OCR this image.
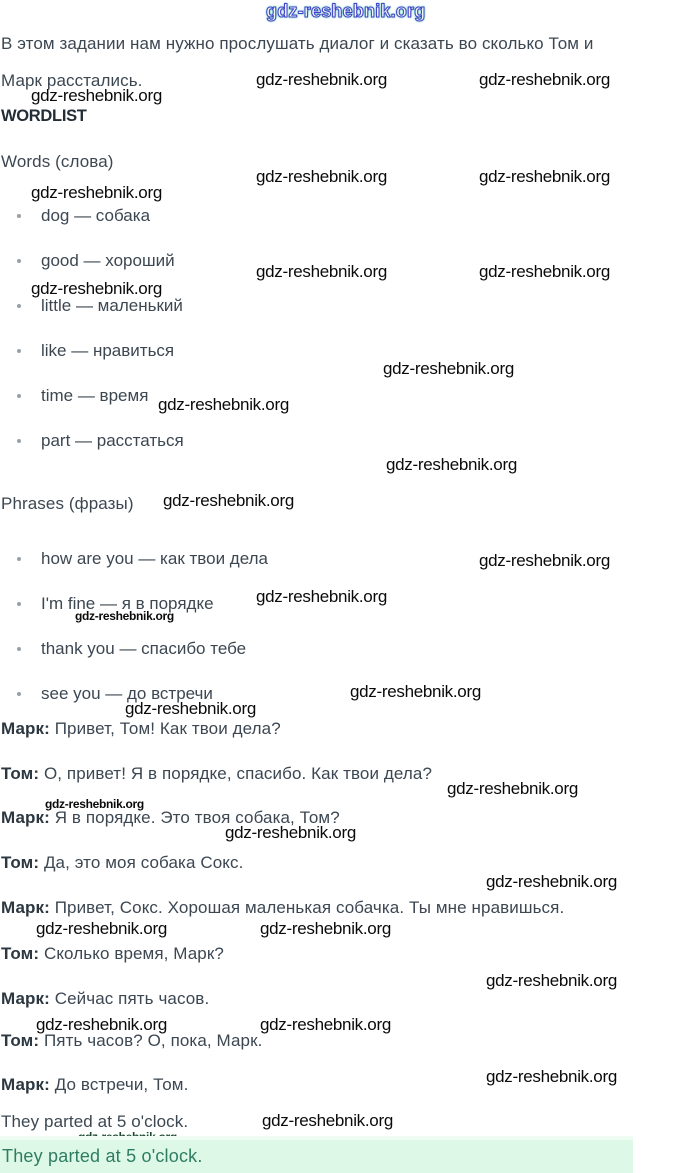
gdz-reshebnik.org
В этом задании нам нужно прослушать диалог и сказать во сколько Том и
Марк расстались.	gdz-reshebnik.org	gdz-reshebnik.org
gdz-reshebnik.org
WORDLIST
Words (слова)
gdz-reshebnik.org	gdz-reshebnik.org
gdz-reshebnik.org
dog — собака
good — хороший
gdz-reshebnik.org	gdz-reshebnik.org
gdz-reshebnik.org
little — маленький
like — нравиться
gdz-reshebnik.org
time — время gdz-reshebnik.org
part — расстаться
gdz-reshebnik.org
Phrases (фразы) gdz-reshebnik.org
how are you — как твои дела	gdz-reshebnik.org
I'm fine — я в порядке gdz-reshebnik.org
gdz-reshebnik.org
thank you — спасибо тебе
see you — до встречи	gdz-reshebnik.org
gdz-reshebnik.org
Марк: Привет, Том! Как твои дела?
Том: О, привет! Я в порядке, спасибо. Как твои дела?
gdz-reshebnik.org
gdz-reshebnik.org
Марк: Я в порядке. Это твоя собака, Том?
gdz-reshebnik.org
Том: Да, это моя собака Сокс.
gdz-reshebnik.org
Марк: Привет, Сокс. Хорошая маленькая собачка. Ты мне нравишься.
gdz-reshebnik.org	gdz-reshebnik.org
Том: Сколько время, Марк?
gdz-reshebnik.org
Марк: Сейчас пять часов.
gdz-reshebnik.org	gdz-reshebnik.org
Том: Пять часов? О, пока, Марк.
gdz-reshebnik.org
Марк: До встречи, Том.
They parted at 5 o'clock.	gdz-reshebnik.org
They parted at 5 o'clock.
